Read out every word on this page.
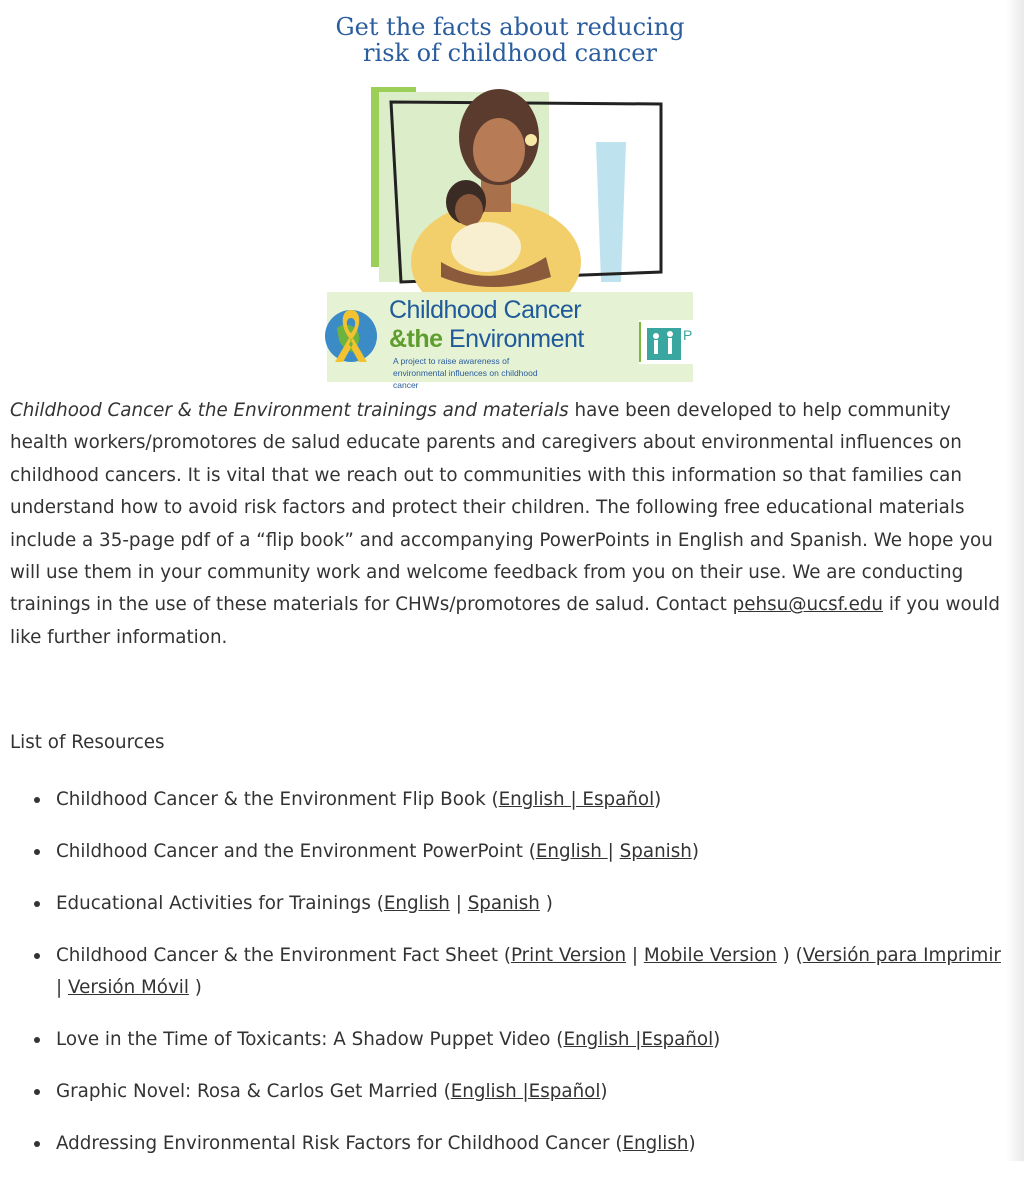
Get the facts about reducing
risk of childhood cancer
Childhood Cancer
&the Environment
A project to raise awareness of environmental influences on childhood cancer
P

Childhood Cancer & the Environment trainings and materials have been developed to help community health workers/promotores de salud educate parents and caregivers about environmental influences on childhood cancers. It is vital that we reach out to communities with this information so that families can understand how to avoid risk factors and protect their children. The following free educational materials include a 35-page pdf of a “flip book” and accompanying PowerPoints in English and Spanish. We hope you will use them in your community work and welcome feedback from you on their use. We are conducting trainings in the use of these materials for CHWs/promotores de salud. Contact pehsu@ucsf.edu if you would like further information.

List of Resources
Childhood Cancer & the Environment Flip Book (English | Español)
Childhood Cancer and the Environment PowerPoint (English | Spanish)
Educational Activities for Trainings (English | Spanish )
Childhood Cancer & the Environment Fact Sheet (Print Version | Mobile Version ) (Versión para Imprimir | Versión Móvil )
Love in the Time of Toxicants: A Shadow Puppet Video (English |Español)
Graphic Novel: Rosa & Carlos Get Married (English |Español)
Addressing Environmental Risk Factors for Childhood Cancer (English)
